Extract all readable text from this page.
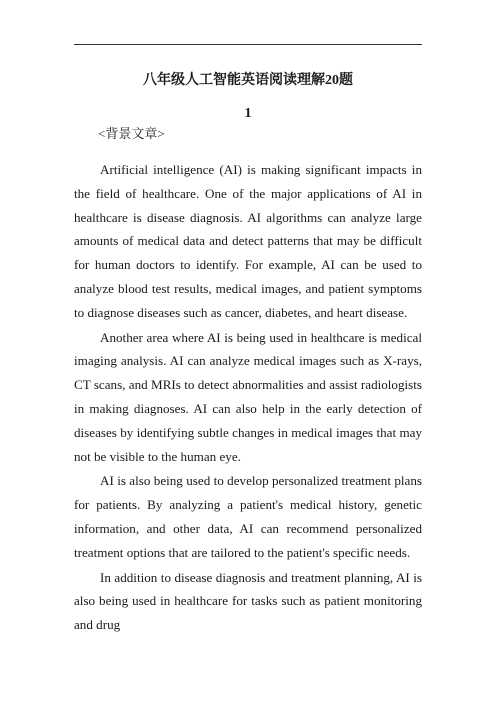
八年级人工智能英语阅读理解20题
1
<背景文章>

Artificial intelligence (AI) is making significant impacts in the field of healthcare. One of the major applications of AI in healthcare is disease diagnosis. AI algorithms can analyze large amounts of medical data and detect patterns that may be difficult for human doctors to identify. For example, AI can be used to analyze blood test results, medical images, and patient symptoms to diagnose diseases such as cancer, diabetes, and heart disease.

Another area where AI is being used in healthcare is medical imaging analysis. AI can analyze medical images such as X-rays, CT scans, and MRIs to detect abnormalities and assist radiologists in making diagnoses. AI can also help in the early detection of diseases by identifying subtle changes in medical images that may not be visible to the human eye.

AI is also being used to develop personalized treatment plans for patients. By analyzing a patient's medical history, genetic information, and other data, AI can recommend personalized treatment options that are tailored to the patient's specific needs.

In addition to disease diagnosis and treatment planning, AI is also being used in healthcare for tasks such as patient monitoring and drug
